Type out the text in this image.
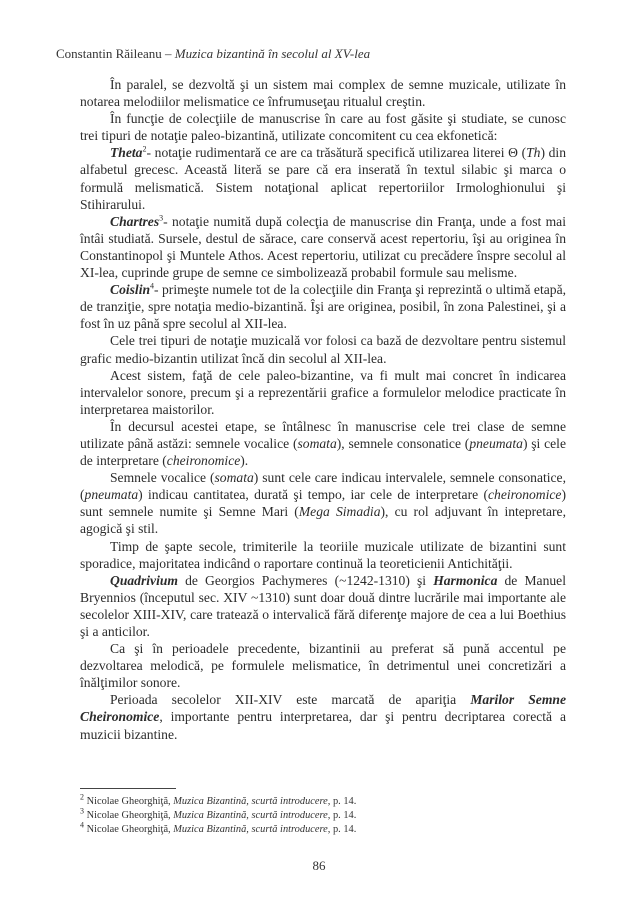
Constantin Răileanu – Muzica bizantină în secolul al XV-lea

În paralel, se dezvoltă şi un sistem mai complex de semne muzicale, utilizate în notarea melodiilor melismatice ce înfrumuseţau ritualul creştin.

În funcţie de colecţiile de manuscrise în care au fost găsite şi studiate, se cunosc trei tipuri de notaţie paleo-bizantină, utilizate concomitent cu cea ekfonetică:

Theta$^2$- notaţie rudimentară ce are ca trăsătură specifică utilizarea literei Θ (Th) din alfabetul grecesc. Această literă se pare că era inserată în textul silabic şi marca o formulă melismatică. Sistem notaţional aplicat repertoriilor Irmologhionului şi Stihirarului.

Chartres$^3$- notaţie numită după colecţia de manuscrise din Franţa, unde a fost mai întâi studiată. Sursele, destul de sărace, care conservă acest repertoriu, îşi au originea în Constantinopol şi Muntele Athos. Acest repertoriu, utilizat cu precădere înspre secolul al XI-lea, cuprinde grupe de semne ce simbolizează probabil formule sau melisme.

Coislin$^4$- primeşte numele tot de la colecţiile din Franţa şi reprezintă o ultimă etapă, de tranziţie, spre notaţia medio-bizantină. Îşi are originea, posibil, în zona Palestinei, şi a fost în uz până spre secolul al XII-lea.

Cele trei tipuri de notaţie muzicală vor folosi ca bază de dezvoltare pentru sistemul grafic medio-bizantin utilizat încă din secolul al XII-lea.

Acest sistem, faţă de cele paleo-bizantine, va fi mult mai concret în indicarea intervalelor sonore, precum şi a reprezentării grafice a formulelor melodice practicate în interpretarea maistorilor.

În decursul acestei etape, se întâlnesc în manuscrise cele trei clase de semne utilizate până astăzi: semnele vocalice (somata), semnele consonatice (pneumata) şi cele de interpretare (cheironomice).

Semnele vocalice (somata) sunt cele care indicau intervalele, semnele consonatice, (pneumata) indicau cantitatea, durată şi tempo, iar cele de interpretare (cheironomice) sunt semnele numite şi Semne Mari (Mega Simadia), cu rol adjuvant în intepretare, agogică şi stil.

Timp de şapte secole, trimiterile la teoriile muzicale utilizate de bizantini sunt sporadice, majoritatea indicând o raportare continuă la teoreticienii Antichităţii.

Quadrivium de Georgios Pachymeres (~1242-1310) şi Harmonica de Manuel Bryennios (începutul sec. XIV ~1310) sunt doar două dintre lucrările mai importante ale secolelor XIII-XIV, care tratează o intervalică fără diferenţe majore de cea a lui Boethius şi a anticilor.

Ca şi în perioadele precedente, bizantinii au preferat să pună accentul pe dezvoltarea melodică, pe formulele melismatice, în detrimentul unei concretizări a înălţimilor sonore.

Perioada secolelor XII-XIV este marcată de apariţia Marilor Semne Cheironomice, importante pentru interpretarea, dar şi pentru decriptarea corectă a muzicii bizantine.

$^2$ Nicolae Gheorghiţă, Muzica Bizantină, scurtă introducere, p. 14.
$^3$ Nicolae Gheorghiţă, Muzica Bizantină, scurtă introducere, p. 14.
$^4$ Nicolae Gheorghiţă, Muzica Bizantină, scurtă introducere, p. 14.
86
